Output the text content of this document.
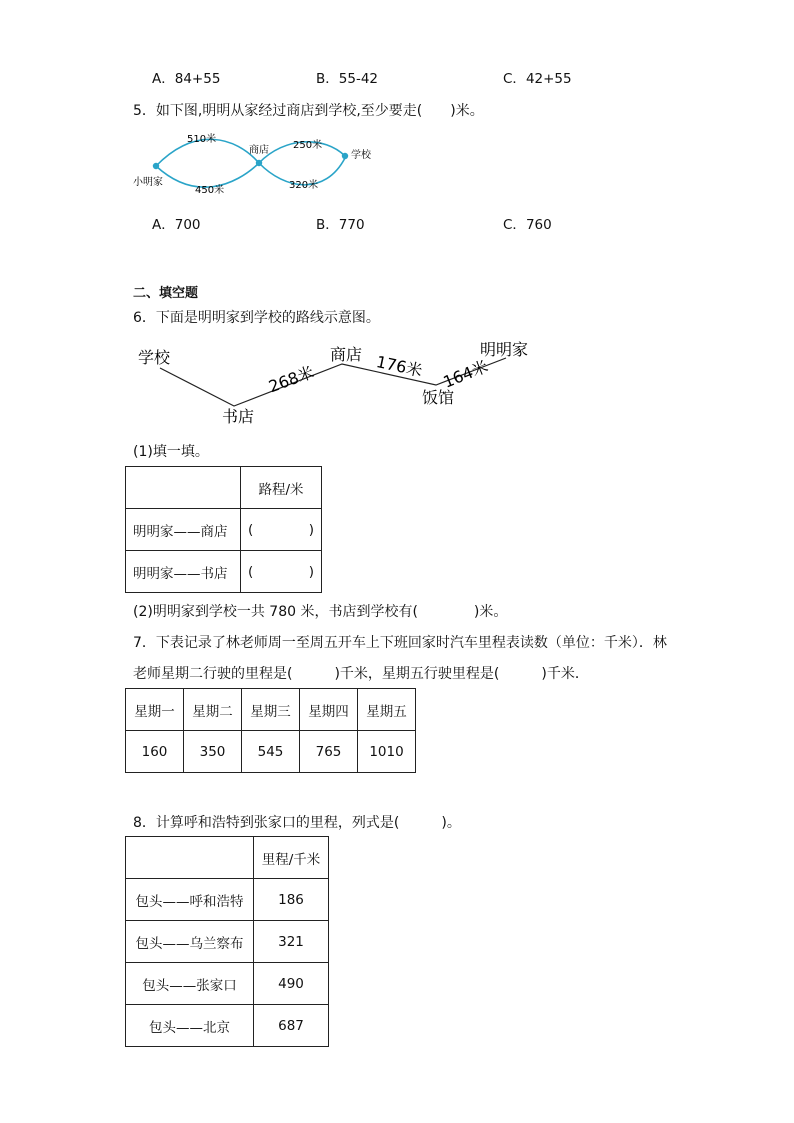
A．84+55	B．55-42	C．42+55
5．如下图,明明从家经过商店到学校,至少要走(　　)米。
510米
商店 250米
学校
小明家
450米	320米
A．700	B．770	C．760
二、填空题
6．下面是明明家到学校的路线示意图。
学校
书店
商店
饭馆
明明家
268米	176米 164米
(1)填一填。
	路程/米
明明家——商店	( )

明明家——书店	( )
(2)明明家到学校一共 780 米，书店到学校有(　　　　)米。
7．下表记录了林老师周一至周五开车上下班回家时汽车里程表读数（单位：千米）．林
老师星期二行驶的里程是(　　　)千米，星期五行驶里程是(　　　)千米．
星期一	星期二	星期三	星期四	星期五
160	350	545	765	1010
8．计算呼和浩特到张家口的里程，列式是(　　　)。
	里程/千米
包头——呼和浩特	186
包头——乌兰察布	321
包头——张家口	490
包头——北京	687
